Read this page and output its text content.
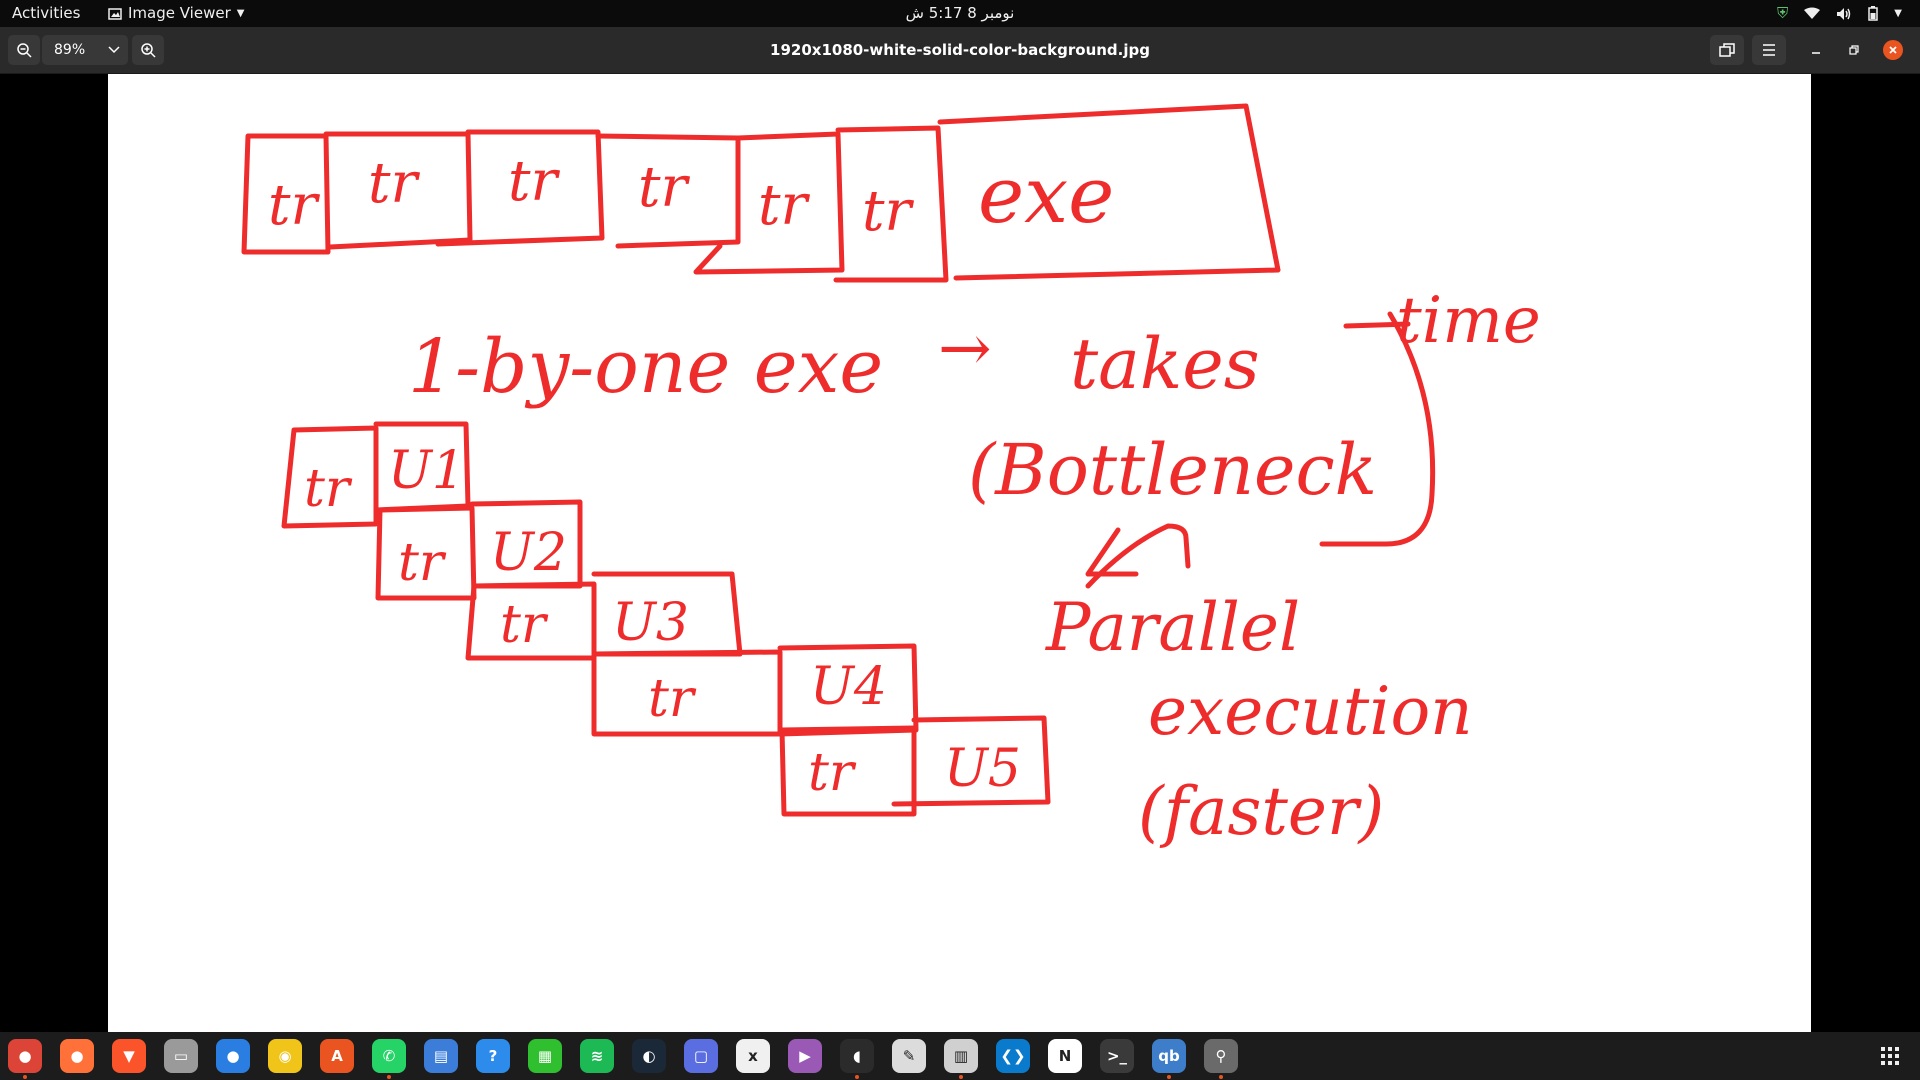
Activities	Image Viewer ▼	نومبر 8 5:17 ش	⛨	▼
89%	1920x1080-white-solid-color-background.jpg
tr tr tr tr tr tr exe
1-by-one exe → takes
time
(Bottleneck
tr U1
tr U2
tr U3
tr U4
tr U5
Parallel
execution
(faster)
●	●	▼	▭	●	◉	A	✆	▤	?	▦	≋	◐	▢	x	▶	◖	✎	▥	❮❯	N	>_	qb	⚲
